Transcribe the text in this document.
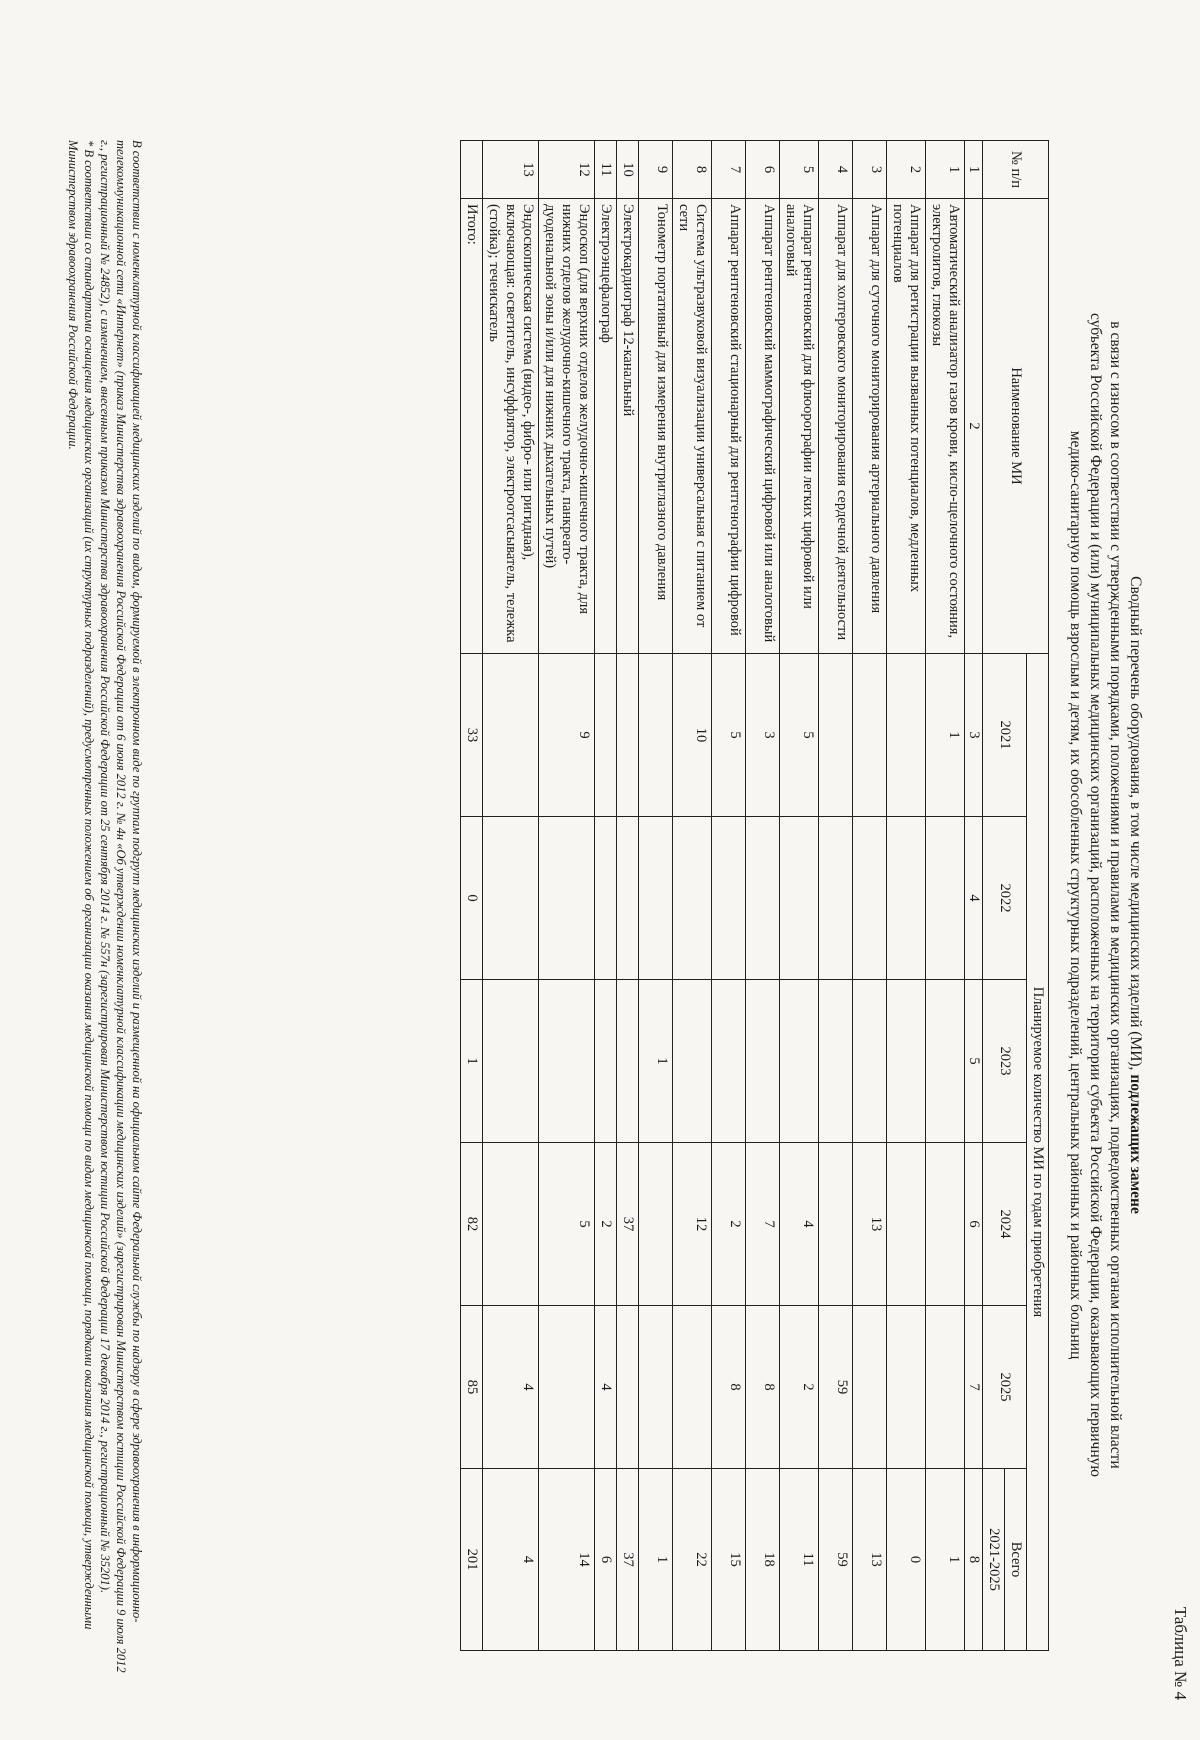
Таблица № 4
Сводный перечень оборудования, в том числе медицинских изделий (МИ), подлежащих замене
в связи с износом в соответствии с утвержденными порядками, положениями и правилами в медицинских организациях, подведомственных органам исполнительной власти
субъекта Российской Федерации и (или) муниципальных медицинских организаций, расположенных на территории субъекта Российской Федерации, оказывающих первичную
медико-санитарную помощь взрослым и детям, их обособленных структурных подразделений, центральных районных и районных больниц
№ п/п	Наименование МИ	Планируемое количество МИ по годам приобретения					
		2021	2022	2023	2024	2025	Всего
							2021-2025
1	2	3	4	5	6	7	8
1	Автоматический анализатор газов крови, кисло-щелочного состояния, электролитов, глюкозы	1					1
2	Аппарат для регистрации вызванных потенциалов, медленных потенциалов						0
3	Аппарат для суточного мониторирования артериального давления				13		13
4	Аппарат для холтеровского мониторирования сердечной деятельности					59	59
5	Аппарат рентгеновский для флюорографии легких цифровой или аналоговый	5			4	2	11
6	Аппарат рентгеновский маммографический цифровой или аналоговый	3			7	8	18
7	Аппарат рентгеновский стационарный для рентгенографии цифровой	5			2	8	15
8	Система ультразвуковой визуализации универсальная с питанием от сети	10			12		22
9	Тонометр портативный для измерения внутриглазного давления			1			1
10	Электрокардиограф 12-канальный				37		37
11	Электроэнцефалограф				2	4	6
12	Эндоскоп (для верхних отделов желудочно-кишечного тракта, для нижних отделов желудочно-кишечного тракта, панкреато-дуоденальной зоны и/или для нижних дыхательных путей)	9			5		14
13	Эндоскопическая система (видео-, фибро- или ригидная), включающая: осветитель, инсуффлятор, электроотсасыватель, тележка (стойка); течеискатель					4	4
	Итого:	33	0	1	82	85	201

В соответствии с номенклатурной классификацией медицинских изделий по видам, формируемой в электронном виде по группам подгрупп медицинских изделий и размещенной на официальном сайте Федеральной службы по надзору в сфере здравоохранения в информационно-телекоммуникационной сети «Интернет» (приказ Министерства здравоохранения Российской Федерации от 6 июня 2012 г. № 4н «Об утверждении номенклатурной классификации медицинских изделий» (зарегистрирован Министерством юстиции Российской Федерации 9 июля 2012 г., регистрационный № 24852), с изменением, внесенным приказом Министерства здравоохранения Российской Федерации от 25 сентября 2014 г. № 557н (зарегистрирован Министерством юстиции Российской Федерации 17 декабря 2014 г., регистрационный № 35201).

* В соответствии со стандартами оснащения медицинских организаций (их структурных подразделений), предусмотренных положением об организации оказания медицинской помощи по видам медицинской помощи, порядками оказания медицинской помощи, утвержденными Министерством здравоохранения Российской Федерации.
